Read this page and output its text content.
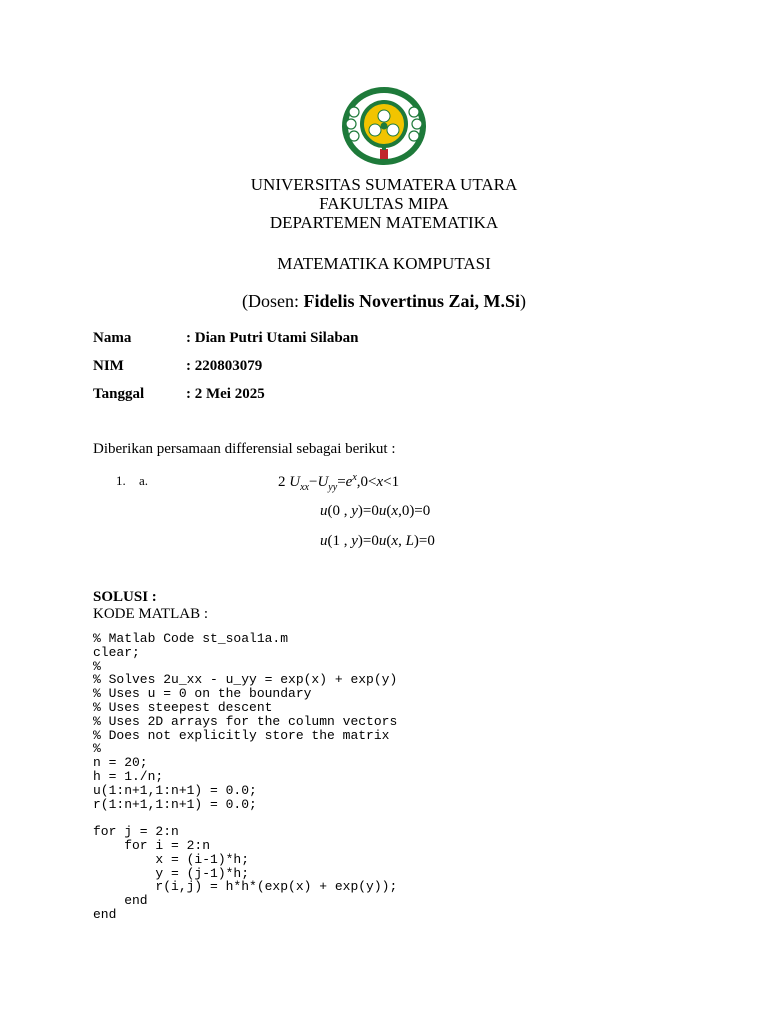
UNIVERSITAS SUMATERA UTARA
FAKULTAS MIPA
DEPARTEMEN MATEMATIKA
MATEMATIKA KOMPUTASI
(Dosen: Fidelis Novertinus Zai, M.Si)
Nama	: Dian Putri Utami Silaban
NIM	: 220803079
Tanggal	: 2 Mei 2025
Diberikan persamaan differensial sebagai berikut :
1. a.	2 $U_{xx}-U_{yy}=e^x,0<x<1$
u(0 , y)=0u(x,0)=0
u(1 , y)=0u(x, L)=0
SOLUSI :
KODE MATLAB :
% Matlab Code st_soal1a.m
clear;
%
% Solves 2u_xx - u_yy = exp(x) + exp(y)
% Uses u = 0 on the boundary
% Uses steepest descent
% Uses 2D arrays for the column vectors
% Does not explicitly store the matrix
%
n = 20;
h = 1./n;
u(1:n+1,1:n+1) = 0.0;
r(1:n+1,1:n+1) = 0.0;
for j = 2:n
for i = 2:n
x = (i-1)*h;
y = (j-1)*h;
r(i,j) = h*h*(exp(x) + exp(y));
end
end
